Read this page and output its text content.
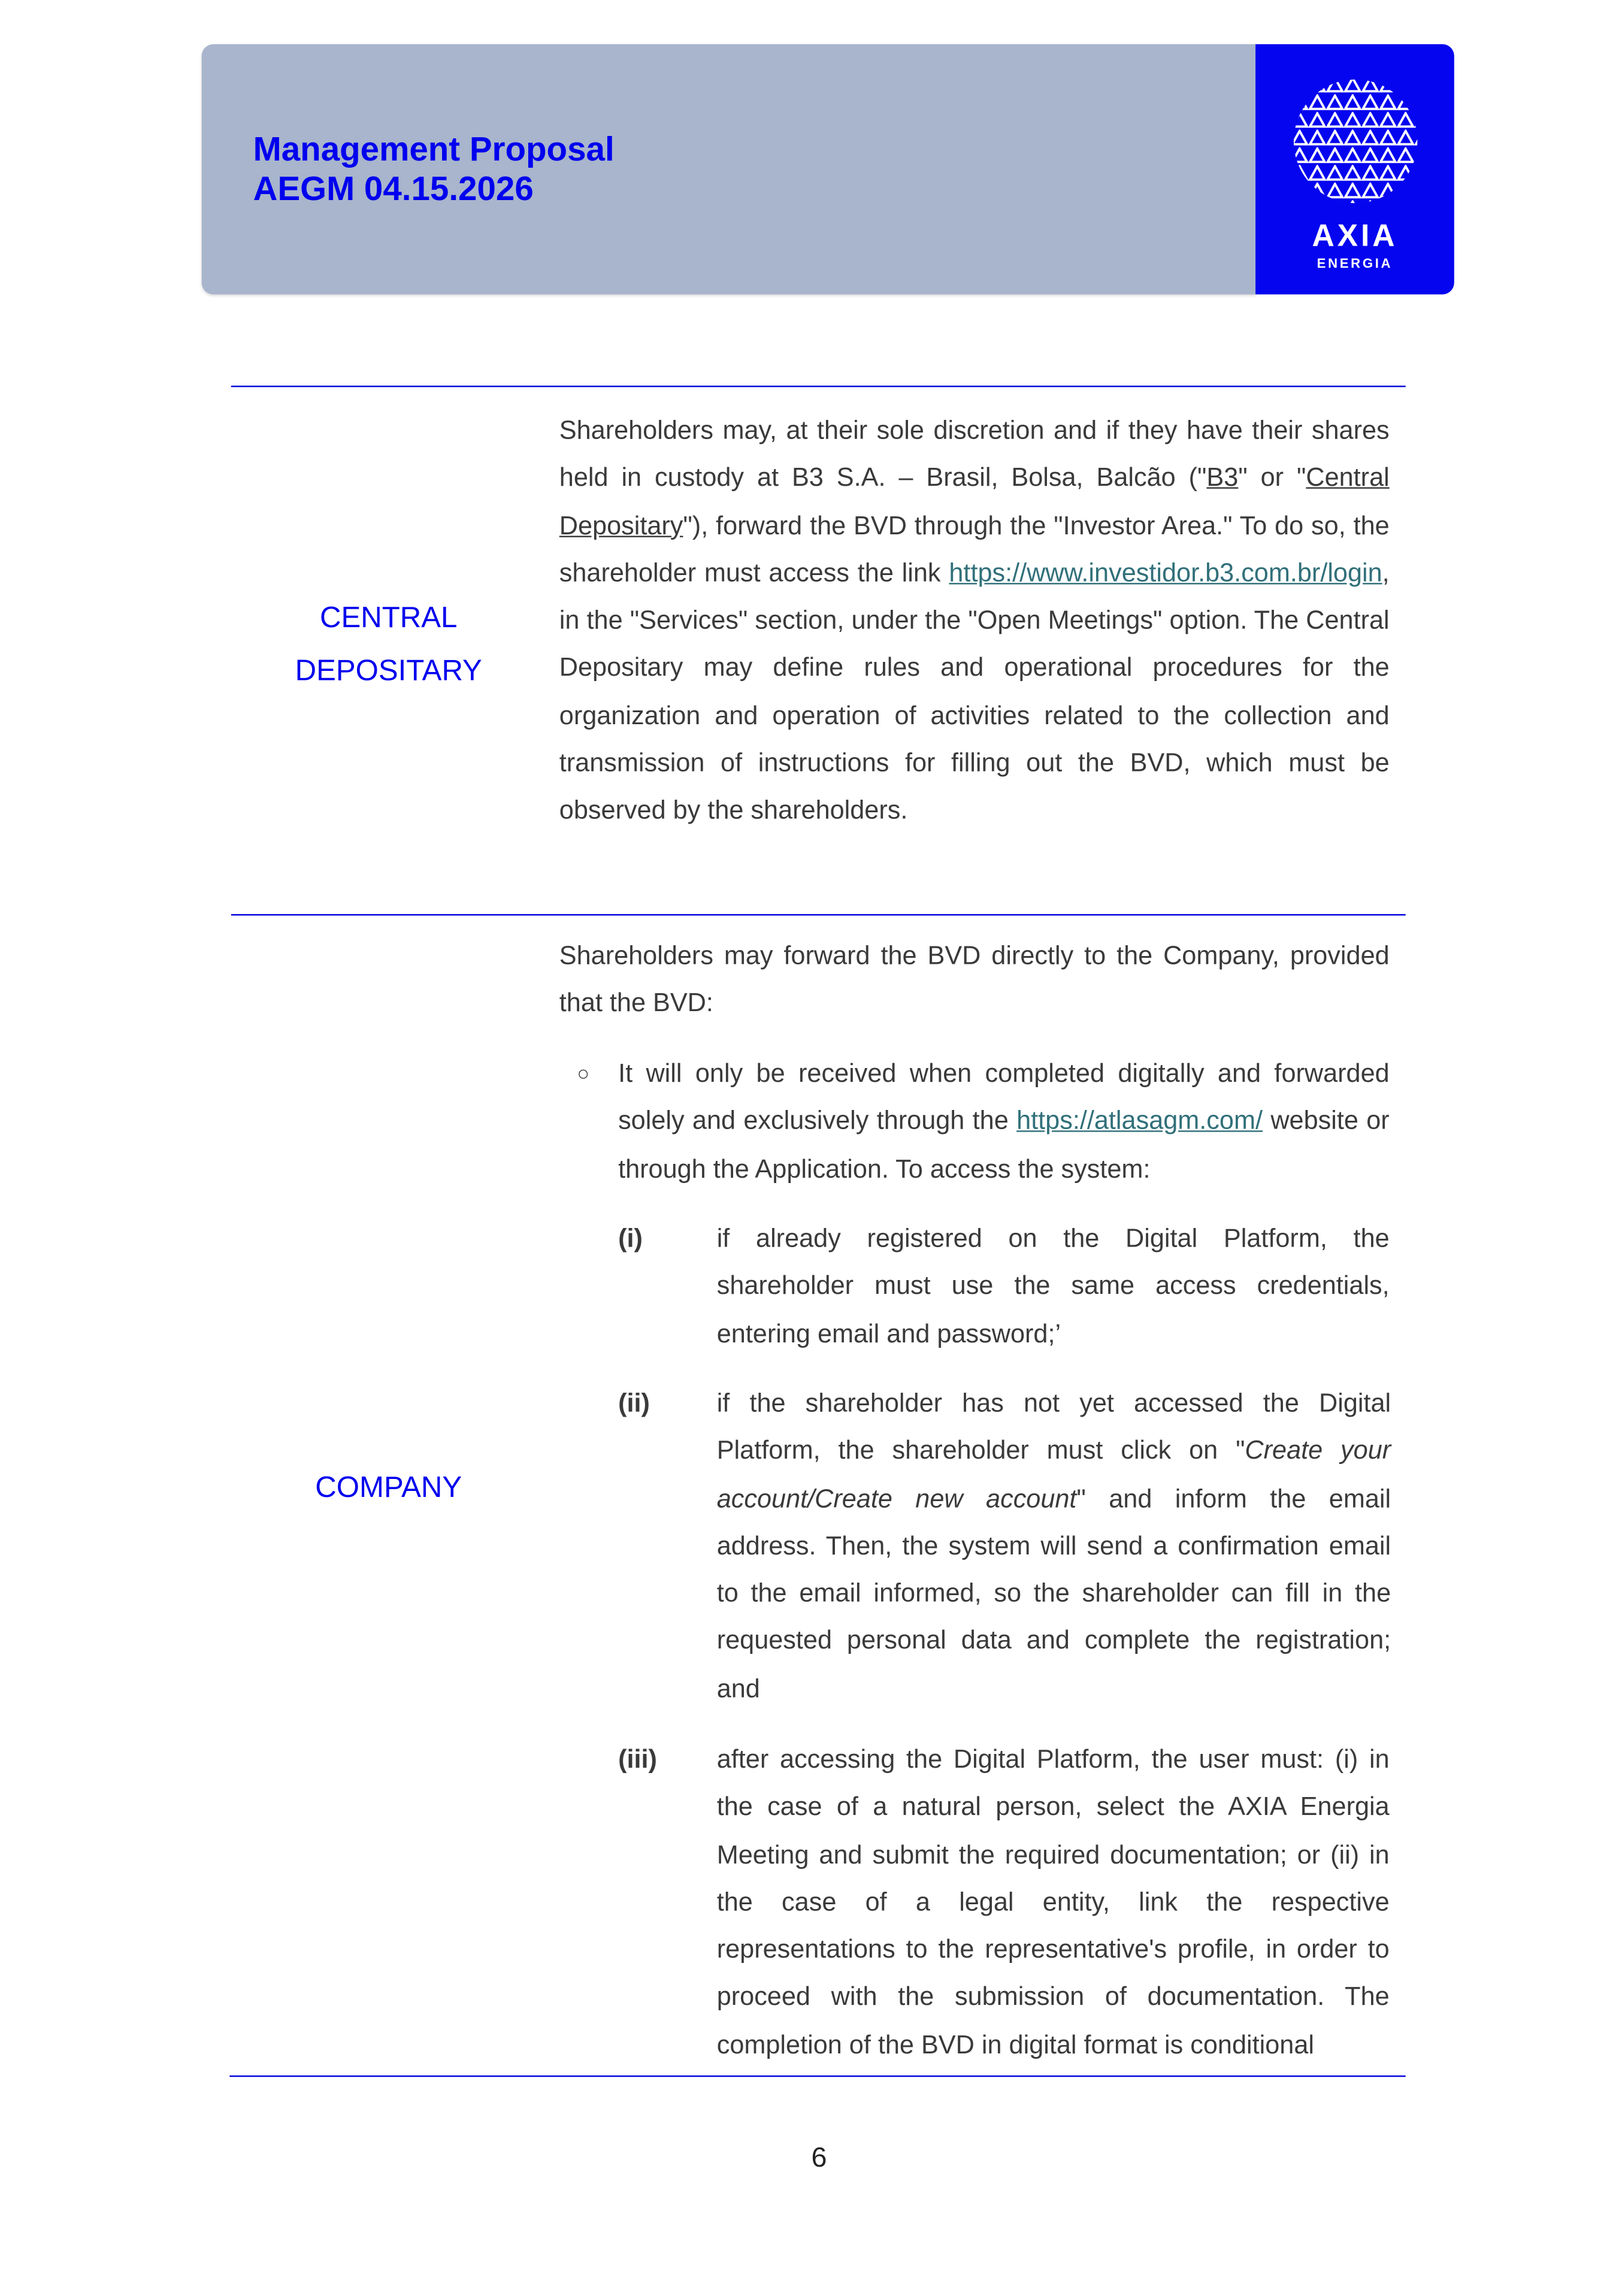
Management Proposal
AEGM 04.15.2026
AXIA
ENERGIA
CENTRAL
DEPOSITARY
Shareholders may, at their sole discretion and if they have their shares held in custody at B3 S.A. – Brasil, Bolsa, Balcão ("B3" or "Central Depositary"), forward the BVD through the "Investor Area." To do so, the shareholder must access the link https://www.investidor.b3.com.br/login, in the "Services" section, under the "Open Meetings" option. The Central Depositary may define rules and operational procedures for the organization and operation of activities related to the collection and transmission of instructions for filling out the BVD, which must be observed by the shareholders.
COMPANY
Shareholders may forward the BVD directly to the Company, provided that the BVD:
○	It will only be received when completed digitally and forwarded solely and exclusively through the https://atlasagm.com/ website or through the Application. To access the system:
(i)	if already registered on the Digital Platform, the shareholder must use the same access credentials, entering email and password;’
(ii)	if the shareholder has not yet accessed the Digital Platform, the shareholder must click on "Create your account/Create new account" and inform the email address. Then, the system will send a confirmation email to the email informed, so the shareholder can fill in the requested personal data and complete the registration; and
(iii)	after accessing the Digital Platform, the user must: (i) in the case of a natural person, select the AXIA Energia Meeting and submit the required documentation; or (ii) in the case of a legal entity, link the respective representations to the representative's profile, in order to proceed with the submission of documentation. The completion of the BVD in digital format is conditional
6
